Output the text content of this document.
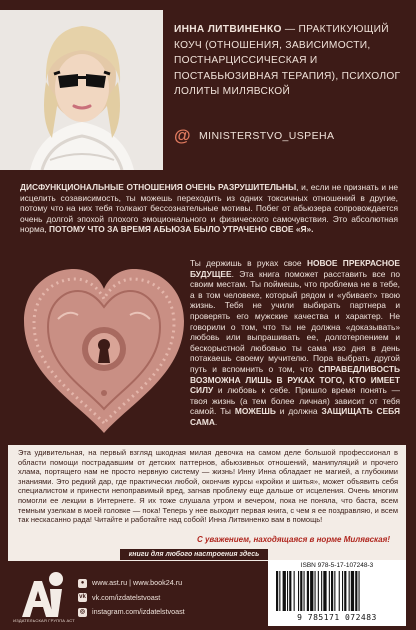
ИННА ЛИТВИНЕНКО — ПРАКТИКУЮЩИЙ КОУЧ (ОТНОШЕНИЯ, ЗАВИСИМОСТИ, ПОСТНАРЦИССИЧЕСКАЯ И ПОСТАБЬЮЗИВНАЯ ТЕРАПИЯ), ПСИХОЛОГ ЛОЛИТЫ МИЛЯВСКОЙ
@ MINISTERSTVO_USPEHA
ДИСФУНКЦИОНАЛЬНЫЕ ОТНОШЕНИЯ ОЧЕНЬ РАЗРУШИТЕЛЬНЫ, и, если не признать и не исцелить созависимость, ты можешь переходить из одних токсичных отношений в другие, потому что на них тебя толкают бессознательные мотивы. Побег от абьюзера сопровождается очень долгой эпохой плохого эмоционального и физического самочувствия. Это абсолютная норма, ПОТОМУ ЧТО ЗА ВРЕМЯ АБЬЮЗА БЫЛО УТРАЧЕНО СВОЕ «Я».
Ты держишь в руках свое НОВОЕ ПРЕКРАСНОЕ БУДУЩЕЕ. Эта книга поможет расставить все по своим местам. Ты поймешь, что проблема не в тебе, а в том человеке, который рядом и «убивает» твою жизнь. Тебя не учили выбирать партнера и проверять его мужские качества и характер. Не говорили о том, что ты не должна «доказывать» любовь или выпрашивать ее, долготерпением и бескорыстной любовью ты сама изо дня в день потакаешь своему мучителю. Пора выбрать другой путь и вспомнить о том, что СПРАВЕДЛИВОСТЬ ВОЗМОЖНА ЛИШЬ В РУКАХ ТОГО, КТО ИМЕЕТ СИЛУ и любовь к себе. Пришло время понять — твоя жизнь (а тем более личная) зависит от тебя самой. Ты МОЖЕШЬ и должна ЗАЩИЩАТЬ СЕБЯ САМА.
Эта удивительная, на первый взгляд шкодная милая девочка на самом деле большой профессионал в области помощи пострадавшим от детских паттернов, абьюзивных отношений, манипуляций и прочего хлама, портящего нам не просто нервную систему — жизнь! Инну Инна обладает не магией, а глубокими знаниями. Это редкий дар, где практически любой, окончив курсы «кройки и шитья», может объявить себя специалистом и принести непоправимый вред, загнав проблему еще дальше от исцеления. Очень многим помогли ее лекции в Интернете. Я их тоже слушала утром и вечером, пока не поняла, что баста, всем темным узелкам в моей головке — пока! Теперь у нее выходит первая книга, с чем я ее поздравляю, и всем так нескасанно рада! Читайте и работайте над собой! Инна Литвиненко вам в помощь!
С уважением, находящаяся в норме Милявская!
книги для любого настроения здесь
ИЗДАТЕЛЬСКАЯ ГРУППА АСТ
●	www.ast.ru | www.book24.ru
vk vk.com/izdatelstvoast
◎ instagram.com/izdatelstvoast
ISBN 978-5-17-107248-3
9 785171 072483
